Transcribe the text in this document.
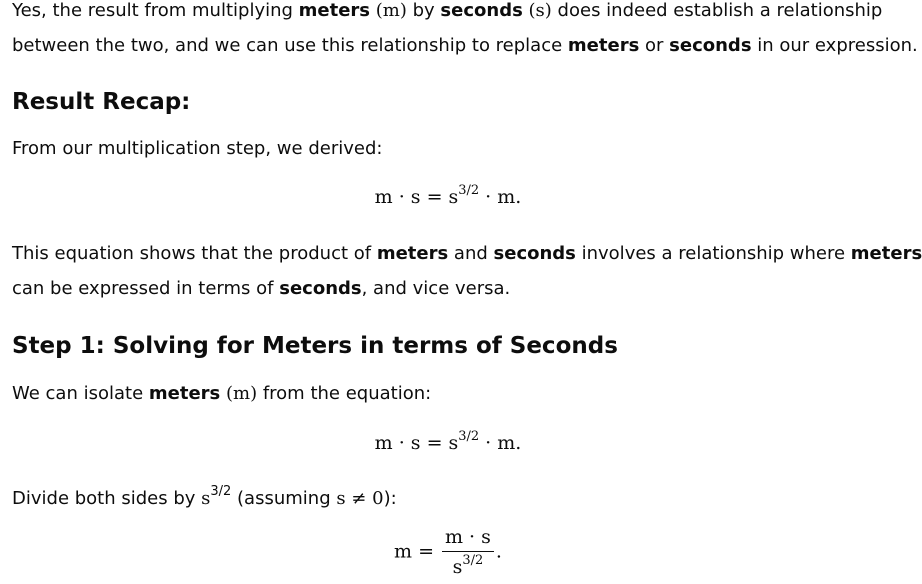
Yes, the result from multiplying meters (m) by seconds (s) does indeed establish a relationship

between the two, and we can use this relationship to replace meters or seconds in our expression.

Result Recap:

From our multiplication step, we derived:

$m \cdot s = s^{3/2} \cdot m$.

This equation shows that the product of meters and seconds involves a relationship where meters

can be expressed in terms of seconds, and vice versa.

Step 1: Solving for Meters in terms of Seconds

We can isolate meters (m) from the equation:

$m \cdot s = s^{3/2} \cdot m$.

Divide both sides by $s^{3/2}$ (assuming s ≠ 0):

$m = \frac{m \cdot s}{s^{3/2}}$ .
